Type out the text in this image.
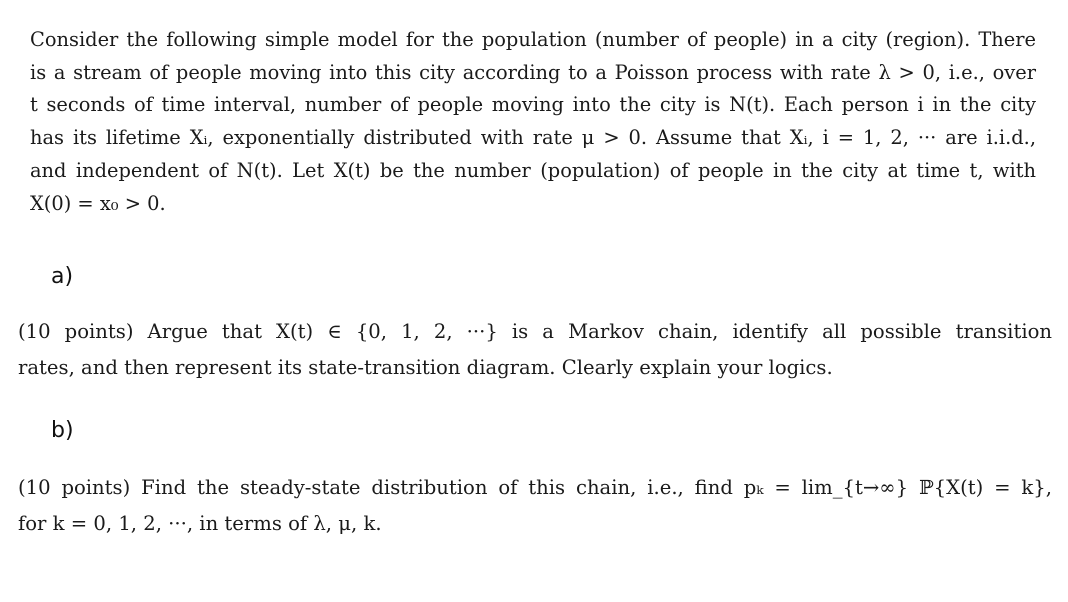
Consider the following simple model for the population (number of people) in a city (region). There
is a stream of people moving into this city according to a Poisson process with rate λ > 0, i.e., over
t seconds of time interval, number of people moving into the city is N(t). Each person i in the city
has its lifetime Xᵢ, exponentially distributed with rate μ > 0. Assume that Xᵢ, i = 1, 2, ··· are i.i.d.,
and independent of N(t). Let X(t) be the number (population) of people in the city at time t, with
X(0) = x₀ > 0.

a)

(10 points) Argue that X(t) ∈ {0, 1, 2, ···} is a Markov chain, identify all possible transition
rates, and then represent its state-transition diagram. Clearly explain your logics.

b)

(10 points) Find the steady-state distribution of this chain, i.e., find pₖ = lim_{t→∞} ℙ{X(t) = k},
for k = 0, 1, 2, ···, in terms of λ, μ, k.
